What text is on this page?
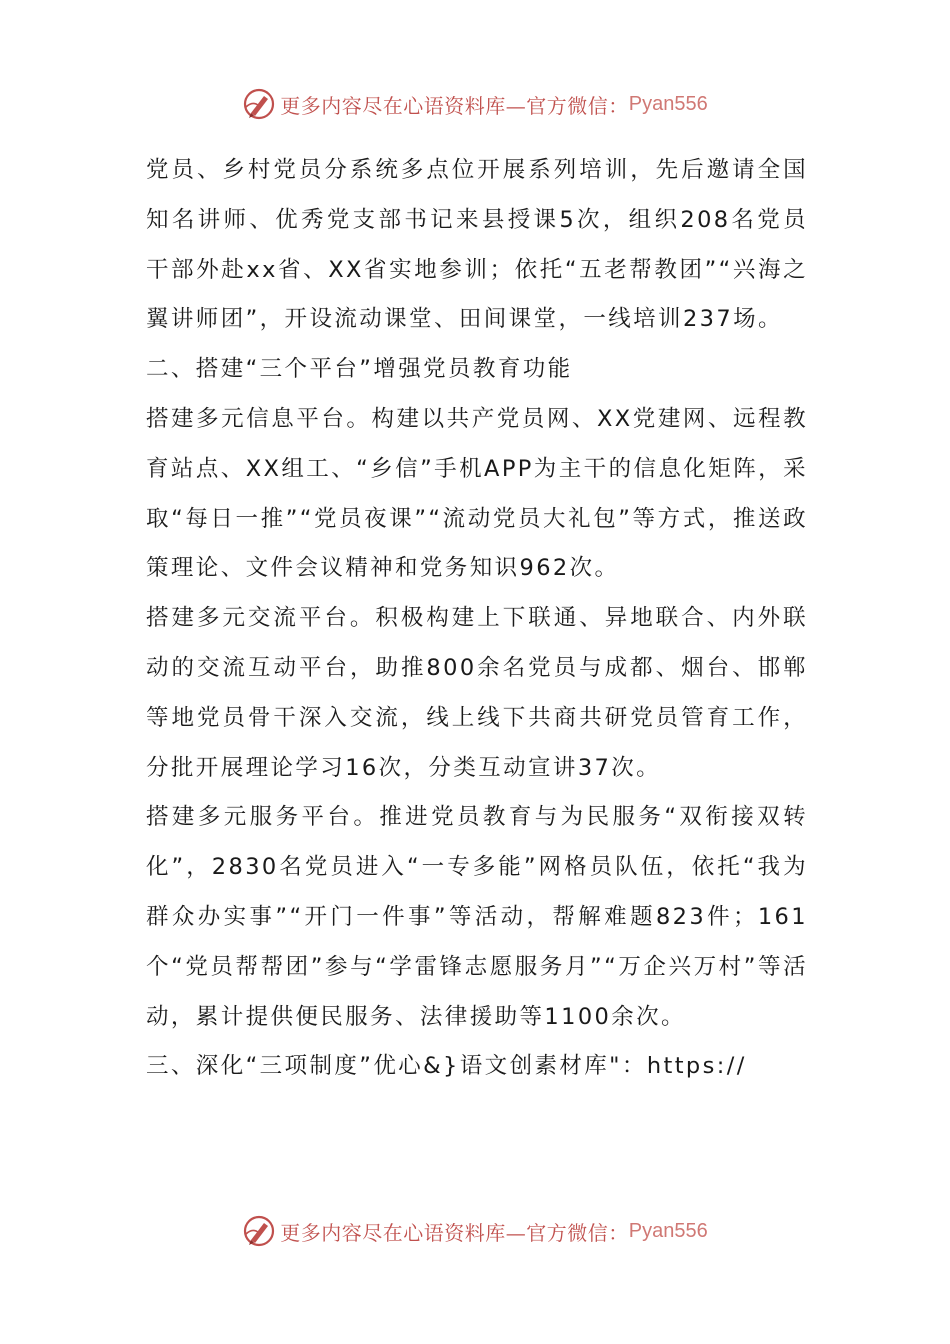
更多内容尽在心语资料库—官方微信： Pyan556

党员、乡村党员分系统多点位开展系列培训，先后邀请全国知名讲师、优秀党支部书记来县授课5次，组织208名党员干部外赴xx省、XX省实地参训；依托“五老帮教团”“兴海之翼讲师团”，开设流动课堂、田间课堂，一线培训237场。

二、搭建“三个平台”增强党员教育功能

搭建多元信息平台。构建以共产党员网、XX党建网、远程教育站点、XX组工、“乡信”手机APP为主干的信息化矩阵，采取“每日一推”“党员夜课”“流动党员大礼包”等方式，推送政策理论、文件会议精神和党务知识962次。

搭建多元交流平台。积极构建上下联通、异地联合、内外联动的交流互动平台，助推800余名党员与成都、烟台、邯郸等地党员骨干深入交流，线上线下共商共研党员管育工作，分批开展理论学习16次，分类互动宣讲37次。

搭建多元服务平台。推进党员教育与为民服务“双衔接双转化”，2830名党员进入“一专多能”网格员队伍，依托“我为群众办实事”“开门一件事”等活动，帮解难题823件；161个“党员帮帮团”参与“学雷锋志愿服务月”“万企兴万村”等活动，累计提供便民服务、法律援助等1100余次。

三、深化“三项制度”优心&}语文创素材库"：https://

更多内容尽在心语资料库—官方微信： Pyan556
